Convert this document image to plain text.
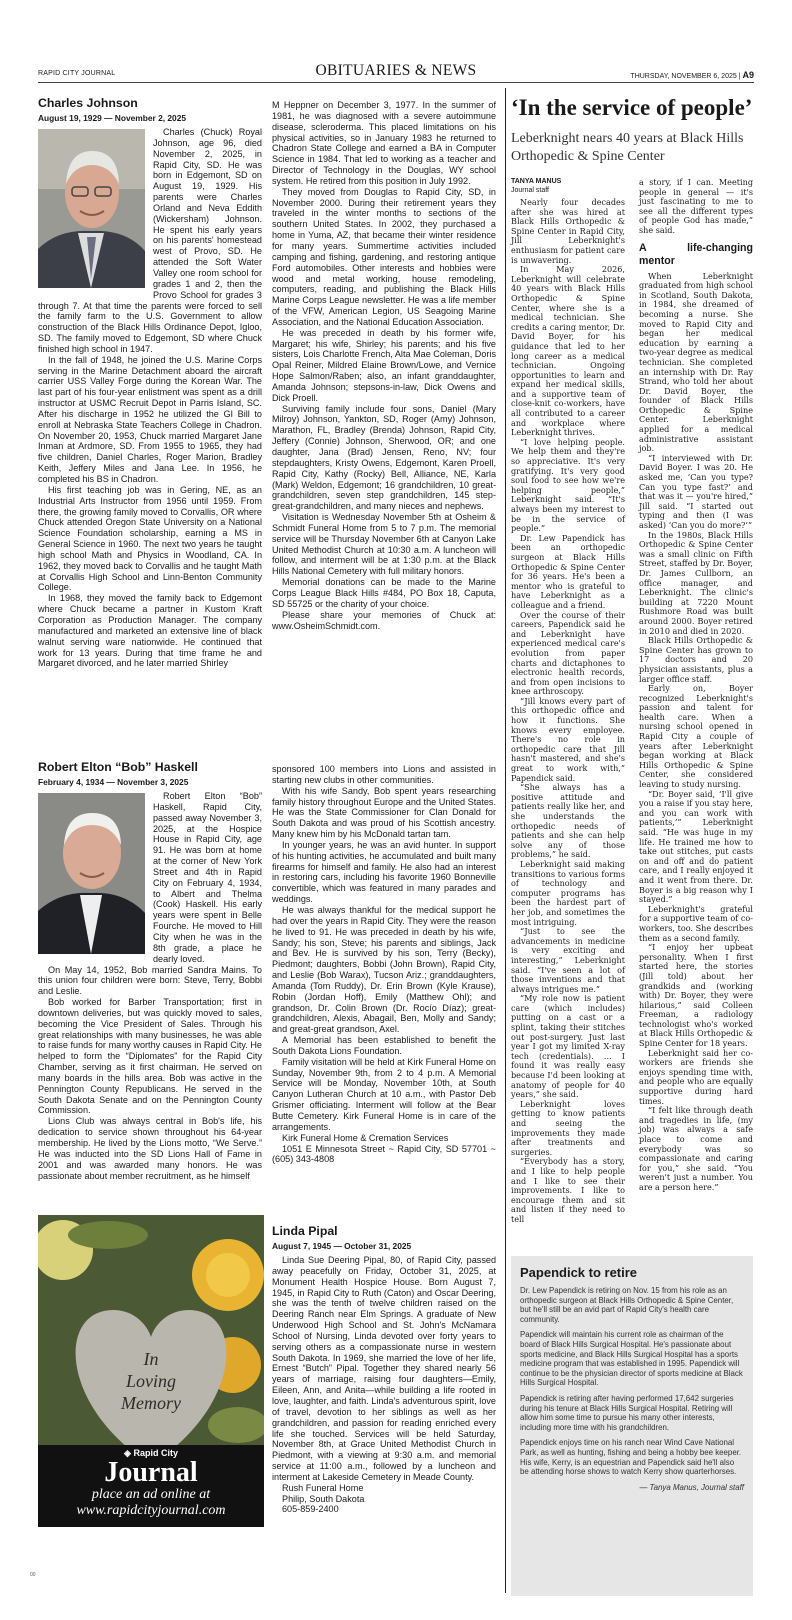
RAPID CITY JOURNAL	OBITUARIES & NEWS	THURSDAY, NOVEMBER 6, 2025 | A9
Charles Johnson
August 19, 1929 — November 2, 2025

Charles (Chuck) Royal Johnson, age 96, died November 2, 2025, in Rapid City, SD. He was born in Edgemont, SD on August 19, 1929. His parents were Charles Orland and Neva Eddith (Wickersham) Johnson. He spent his early years on his parents' homestead west of Provo, SD. He attended the Soft Water Valley one room school for grades 1 and 2, then the Provo School for grades 3 through 7. At that time the parents were forced to sell the family farm to the U.S. Government to allow construction of the Black Hills Ordinance Depot, Igloo, SD. The family moved to Edgemont, SD where Chuck finished high school in 1947.

In the fall of 1948, he joined the U.S. Marine Corps serving in the Marine Detachment aboard the aircraft carrier USS Valley Forge during the Korean War. The last part of his four-year enlistment was spent as a drill instructor at USMC Recruit Depot in Parris Island, SC. After his discharge in 1952 he utilized the GI Bill to enroll at Nebraska State Teachers College in Chadron. On November 20, 1953, Chuck married Margaret Jane Inman at Ardmore, SD. From 1955 to 1965, they had five children, Daniel Charles, Roger Marion, Bradley Keith, Jeffery Miles and Jana Lee. In 1956, he completed his BS in Chadron.

His first teaching job was in Gering, NE, as an Industrial Arts Instructor from 1956 until 1959. From there, the growing family moved to Corvallis, OR where Chuck attended Oregon State University on a National Science Foundation scholarship, earning a MS in General Science in 1960. The next two years he taught high school Math and Physics in Woodland, CA. In 1962, they moved back to Corvallis and he taught Math at Corvallis High School and Linn-Benton Community College.

In 1968, they moved the family back to Edgemont where Chuck became a partner in Kustom Kraft Corporation as Production Manager. The company manufactured and marketed an extensive line of black walnut serving ware nationwide. He continued that work for 13 years. During that time frame he and Margaret divorced, and he later married Shirley

M Heppner on December 3, 1977. In the summer of 1981, he was diagnosed with a severe autoimmune disease, scleroderma. This placed limitations on his physical activities, so in January 1983 he returned to Chadron State College and earned a BA in Computer Science in 1984. That led to working as a teacher and Director of Technology in the Douglas, WY school system. He retired from this position in July 1992.

They moved from Douglas to Rapid City, SD, in November 2000. During their retirement years they traveled in the winter months to sections of the southern United States. In 2002, they purchased a home in Yuma, AZ, that became their winter residence for many years. Summertime activities included camping and fishing, gardening, and restoring antique Ford automobiles. Other interests and hobbies were wood and metal working, house remodeling, computers, reading, and publishing the Black Hills Marine Corps League newsletter. He was a life member of the VFW, American Legion, US Seagoing Marine Association, and the National Education Association.

He was preceded in death by his former wife, Margaret; his wife, Shirley; his parents; and his five sisters, Lois Charlotte French, Alta Mae Coleman, Doris Opal Reiner, Mildred Elaine Brown/Lowe, and Vernice Hope Salmon/Raben; also, an infant granddaughter, Amanda Johnson; stepsons-in-law, Dick Owens and Dick Proell.

Surviving family include four sons, Daniel (Mary Milroy) Johnson, Yankton, SD, Roger (Amy) Johnson, Marathon, FL, Bradley (Brenda) Johnson, Rapid City, Jeffery (Connie) Johnson, Sherwood, OR; and one daughter, Jana (Brad) Jensen, Reno, NV; four stepdaughters, Kristy Owens, Edgemont, Karen Proell, Rapid City, Kathy (Rocky) Bell, Alliance, NE, Karla (Mark) Weldon, Edgemont; 16 grandchildren, 10 great-grandchildren, seven step grandchildren, 145 step-great-grandchildren, and many nieces and nephews.

Visitation is Wednesday November 5th at Osheim & Schmidt Funeral Home from 5 to 7 p.m. The memorial service will be Thursday November 6th at Canyon Lake United Methodist Church at 10:30 a.m. A luncheon will follow, and interment will be at 1:30 p.m. at the Black Hills National Cemetery with full military honors.

Memorial donations can be made to the Marine Corps League Black Hills #484, PO Box 18, Caputa, SD 55725 or the charity of your choice.

Please share your memories of Chuck at: www.OsheimSchmidt.com.

Robert Elton “Bob” Haskell
February 4, 1934 — November 3, 2025

Robert Elton “Bob” Haskell, Rapid City, passed away November 3, 2025, at the Hospice House in Rapid City, age 91. He was born at home at the corner of New York Street and 4th in Rapid City on February 4, 1934, to Albert and Thelma (Cook) Haskell. His early years were spent in Belle Fourche. He moved to Hill City when he was in the 8th grade, a place he dearly loved.

On May 14, 1952, Bob married Sandra Mains. To this union four children were born: Steve, Terry, Bobbi and Leslie.

Bob worked for Barber Transportation; first in downtown deliveries, but was quickly moved to sales, becoming the Vice President of Sales. Through his great relationships with many businesses, he was able to raise funds for many worthy causes in Rapid City. He helped to form the “Diplomates” for the Rapid City Chamber, serving as it first chairman. He served on many boards in the hills area. Bob was active in the Pennington County Republicans. He served in the South Dakota Senate and on the Pennington County Commission.

Lions Club was always central in Bob's life, his dedication to service shown throughout his 64-year membership. He lived by the Lions motto, “We Serve.” He was inducted into the SD Lions Hall of Fame in 2001 and was awarded many honors. He was passionate about member recruitment, as he himself

sponsored 100 members into Lions and assisted in starting new clubs in other communities.

With his wife Sandy, Bob spent years researching family history throughout Europe and the United States. He was the State Commissioner for Clan Donald for South Dakota and was proud of his Scottish ancestry. Many knew him by his McDonald tartan tam.

In younger years, he was an avid hunter. In support of his hunting activities, he accumulated and built many firearms for himself and family. He also had an interest in restoring cars, including his favorite 1960 Bonneville convertible, which was featured in many parades and weddings.

He was always thankful for the medical support he had over the years in Rapid City. They were the reason he lived to 91. He was preceded in death by his wife, Sandy; his son, Steve; his parents and siblings, Jack and Bev. He is survived by his son, Terry (Becky), Piedmont; daughters, Bobbi (John Brown), Rapid City, and Leslie (Bob Warax), Tucson Ariz.; granddaughters, Amanda (Tom Ruddy), Dr. Erin Brown (Kyle Krause), Robin (Jordan Hoff), Emily (Matthew Ohl); and grandson, Dr. Colin Brown (Dr. Rocío Díaz); great-grandchildren, Alexis, Abagail, Ben, Molly and Sandy; and great-great grandson, Axel.

A Memorial has been established to benefit the South Dakota Lions Foundation.

Family visitation will be held at Kirk Funeral Home on Sunday, November 9th, from 2 to 4 p.m. A Memorial Service will be Monday, November 10th, at South Canyon Lutheran Church at 10 a.m., with Pastor Deb Grismer officiating. Interment will follow at the Bear Butte Cemetery. Kirk Funeral Home is in care of the arrangements.

Kirk Funeral Home & Cremation Services

1051 E Minnesota Street ~ Rapid City, SD 57701 ~ (605) 343-4808

In
Loving
Memory
◈ Rapid City
Journal
place an ad online at
www.rapidcityjournal.com
00
Linda Pipal
August 7, 1945 — October 31, 2025

Linda Sue Deering Pipal, 80, of Rapid City, passed away peacefully on Friday, October 31, 2025, at Monument Health Hospice House. Born August 7, 1945, in Rapid City to Ruth (Caton) and Oscar Deering, she was the tenth of twelve children raised on the Deering Ranch near Elm Springs. A graduate of New Underwood High School and St. John's McNamara School of Nursing, Linda devoted over forty years to serving others as a compassionate nurse in western South Dakota. In 1969, she married the love of her life, Ernest “Butch” Pipal. Together they shared nearly 56 years of marriage, raising four daughters—Emily, Eileen, Ann, and Anita—while building a life rooted in love, laughter, and faith. Linda's adventurous spirit, love of travel, devotion to her siblings as well as her grandchildren, and passion for reading enriched every life she touched. Services will be held Saturday, November 8th, at Grace United Methodist Church in Piedmont, with a viewing at 9:30 a.m. and memorial service at 11:00 a.m., followed by a luncheon and interment at Lakeside Cemetery in Meade County.

Rush Funeral Home

Philip, South Dakota

605-859-2400

‘In the service of people’
Leberknight nears 40 years at Black Hills Orthopedic & Spine Center
TANYA MANUS
Journal staff

Nearly four decades after she was hired at Black Hills Orthopedic & Spine Center in Rapid City, Jill Leberknight's enthusiasm for patient care is unwavering.

In May 2026, Leberknight will celebrate 40 years with Black Hills Orthopedic & Spine Center, where she is a medical technician. She credits a caring mentor, Dr. David Boyer, for his guidance that led to her long career as a medical technician. Ongoing opportunities to learn and expand her medical skills, and a supportive team of close-knit co-workers, have all contributed to a career and workplace where Leberknight thrives.

“I love helping people. We help them and they're so appreciative. It's very gratifying. It's very good soul food to see how we're helping people,” Leberknight said. “It's always been my interest to be in the service of people.”

Dr. Lew Papendick has been an orthopedic surgeon at Black Hills Orthopedic & Spine Center for 36 years. He's been a mentor who is grateful to have Leberknight as a colleague and a friend.

Over the course of their careers, Papendick said he and Leberknight have experienced medical care's evolution from paper charts and dictaphones to electronic health records, and from open incisions to knee arthroscopy.

“Jill knows every part of this orthopedic office and how it functions. She knows every employee. There's no role in orthopedic care that Jill hasn't mastered, and she's great to work with,” Papendick said.

“She always has a positive attitude and patients really like her, and she understands the orthopedic needs of patients and she can help solve any of those problems,” he said.

Leberknight said making transitions to various forms of technology and computer programs has been the hardest part of her job, and sometimes the most intriguing.

“Just to see the advancements in medicine is very exciting and interesting,” Leberknight said. “I've seen a lot of those inventions and that always intrigues me.”

“My role now is patient care (which includes) putting on a cast or a splint, taking their stitches out post-surgery. Just last year I got my limited X-ray tech (credentials). ... I found it was really easy because I'd been looking at anatomy of people for 40 years,” she said.

Leberknight loves getting to know patients and seeing the improvements they made after treatments and surgeries.

“Everybody has a story, and I like to help people and I like to see their improvements. I like to encourage them and sit and listen if they need to tell

a story, if I can. Meeting people in general — it's just fascinating to me to see all the different types of people God has made,” she said.

A life-changing mentor

When Leberknight graduated from high school in Scotland, South Dakota, in 1984, she dreamed of becoming a nurse. She moved to Rapid City and began her medical education by earning a two-year degree as medical technician. She completed an internship with Dr. Ray Strand, who told her about Dr. David Boyer, the founder of Black Hills Orthopedic & Spine Center. Leberknight applied for a medical administrative assistant job.

“I interviewed with Dr. David Boyer. I was 20. He asked me, ‘Can you type? Can you type fast?’ and that was it — you're hired,” Jill said. “I started out typing and then (I was asked) ‘Can you do more?’”

In the 1980s, Black Hills Orthopedic & Spine Center was a small clinic on Fifth Street, staffed by Dr. Boyer, Dr. James Cullborn, an office manager, and Leberknight. The clinic's building at 7220 Mount Rushmore Road was built around 2000. Boyer retired in 2010 and died in 2020.

Black Hills Orthopedic & Spine Center has grown to 17 doctors and 20 physician assistants, plus a larger office staff.

Early on, Boyer recognized Leberknight's passion and talent for health care. When a nursing school opened in Rapid City a couple of years after Leberknight began working at Black Hills Orthopedic & Spine Center, she considered leaving to study nursing.

“Dr. Boyer said, ‘I'll give you a raise if you stay here, and you can work with patients,’” Leberknight said. “He was huge in my life. He trained me how to take out stitches, put casts on and off and do patient care, and I really enjoyed it and it went from there. Dr. Boyer is a big reason why I stayed.”

Leberknight's grateful for a supportive team of co-workers, too. She describes them as a second family.

“I enjoy her upbeat personality. When I first started here, the stories (Jill told) about her grandkids and (working with) Dr. Boyer, they were hilarious,” said Colleen Freeman, a radiology technologist who's worked at Black Hills Orthopedic & Spine Center for 18 years.

Leberknight said her co-workers are friends she enjoys spending time with, and people who are equally supportive during hard times.

“I felt like through death and tragedies in life, (my job) was always a safe place to come and everybody was so compassionate and caring for you,” she said. “You weren't just a number. You are a person here.”

Papendick to retire

Dr. Lew Papendick is retiring on Nov. 15 from his role as an orthopedic surgeon at Black Hills Orthopedic & Spine Center, but he'll still be an avid part of Rapid City's health care community.

Papendick will maintain his current role as chairman of the board of Black Hills Surgical Hospital. He's passionate about sports medicine, and Black Hills Surgical Hospital has a sports medicine program that was established in 1995. Papendick will continue to be the physician director of sports medicine at Black Hills Surgical Hospital.

Papendick is retiring after having performed 17,642 surgeries during his tenure at Black Hills Surgical Hospital. Retiring will allow him some time to pursue his many other interests, including more time with his grandchildren.

Papendick enjoys time on his ranch near Wind Cave National Park, as well as hunting, fishing and being a hobby bee keeper. His wife, Kerry, is an equestrian and Papendick said he'll also be attending horse shows to watch Kerry show quarterhorses.

— Tanya Manus, Journal staff
